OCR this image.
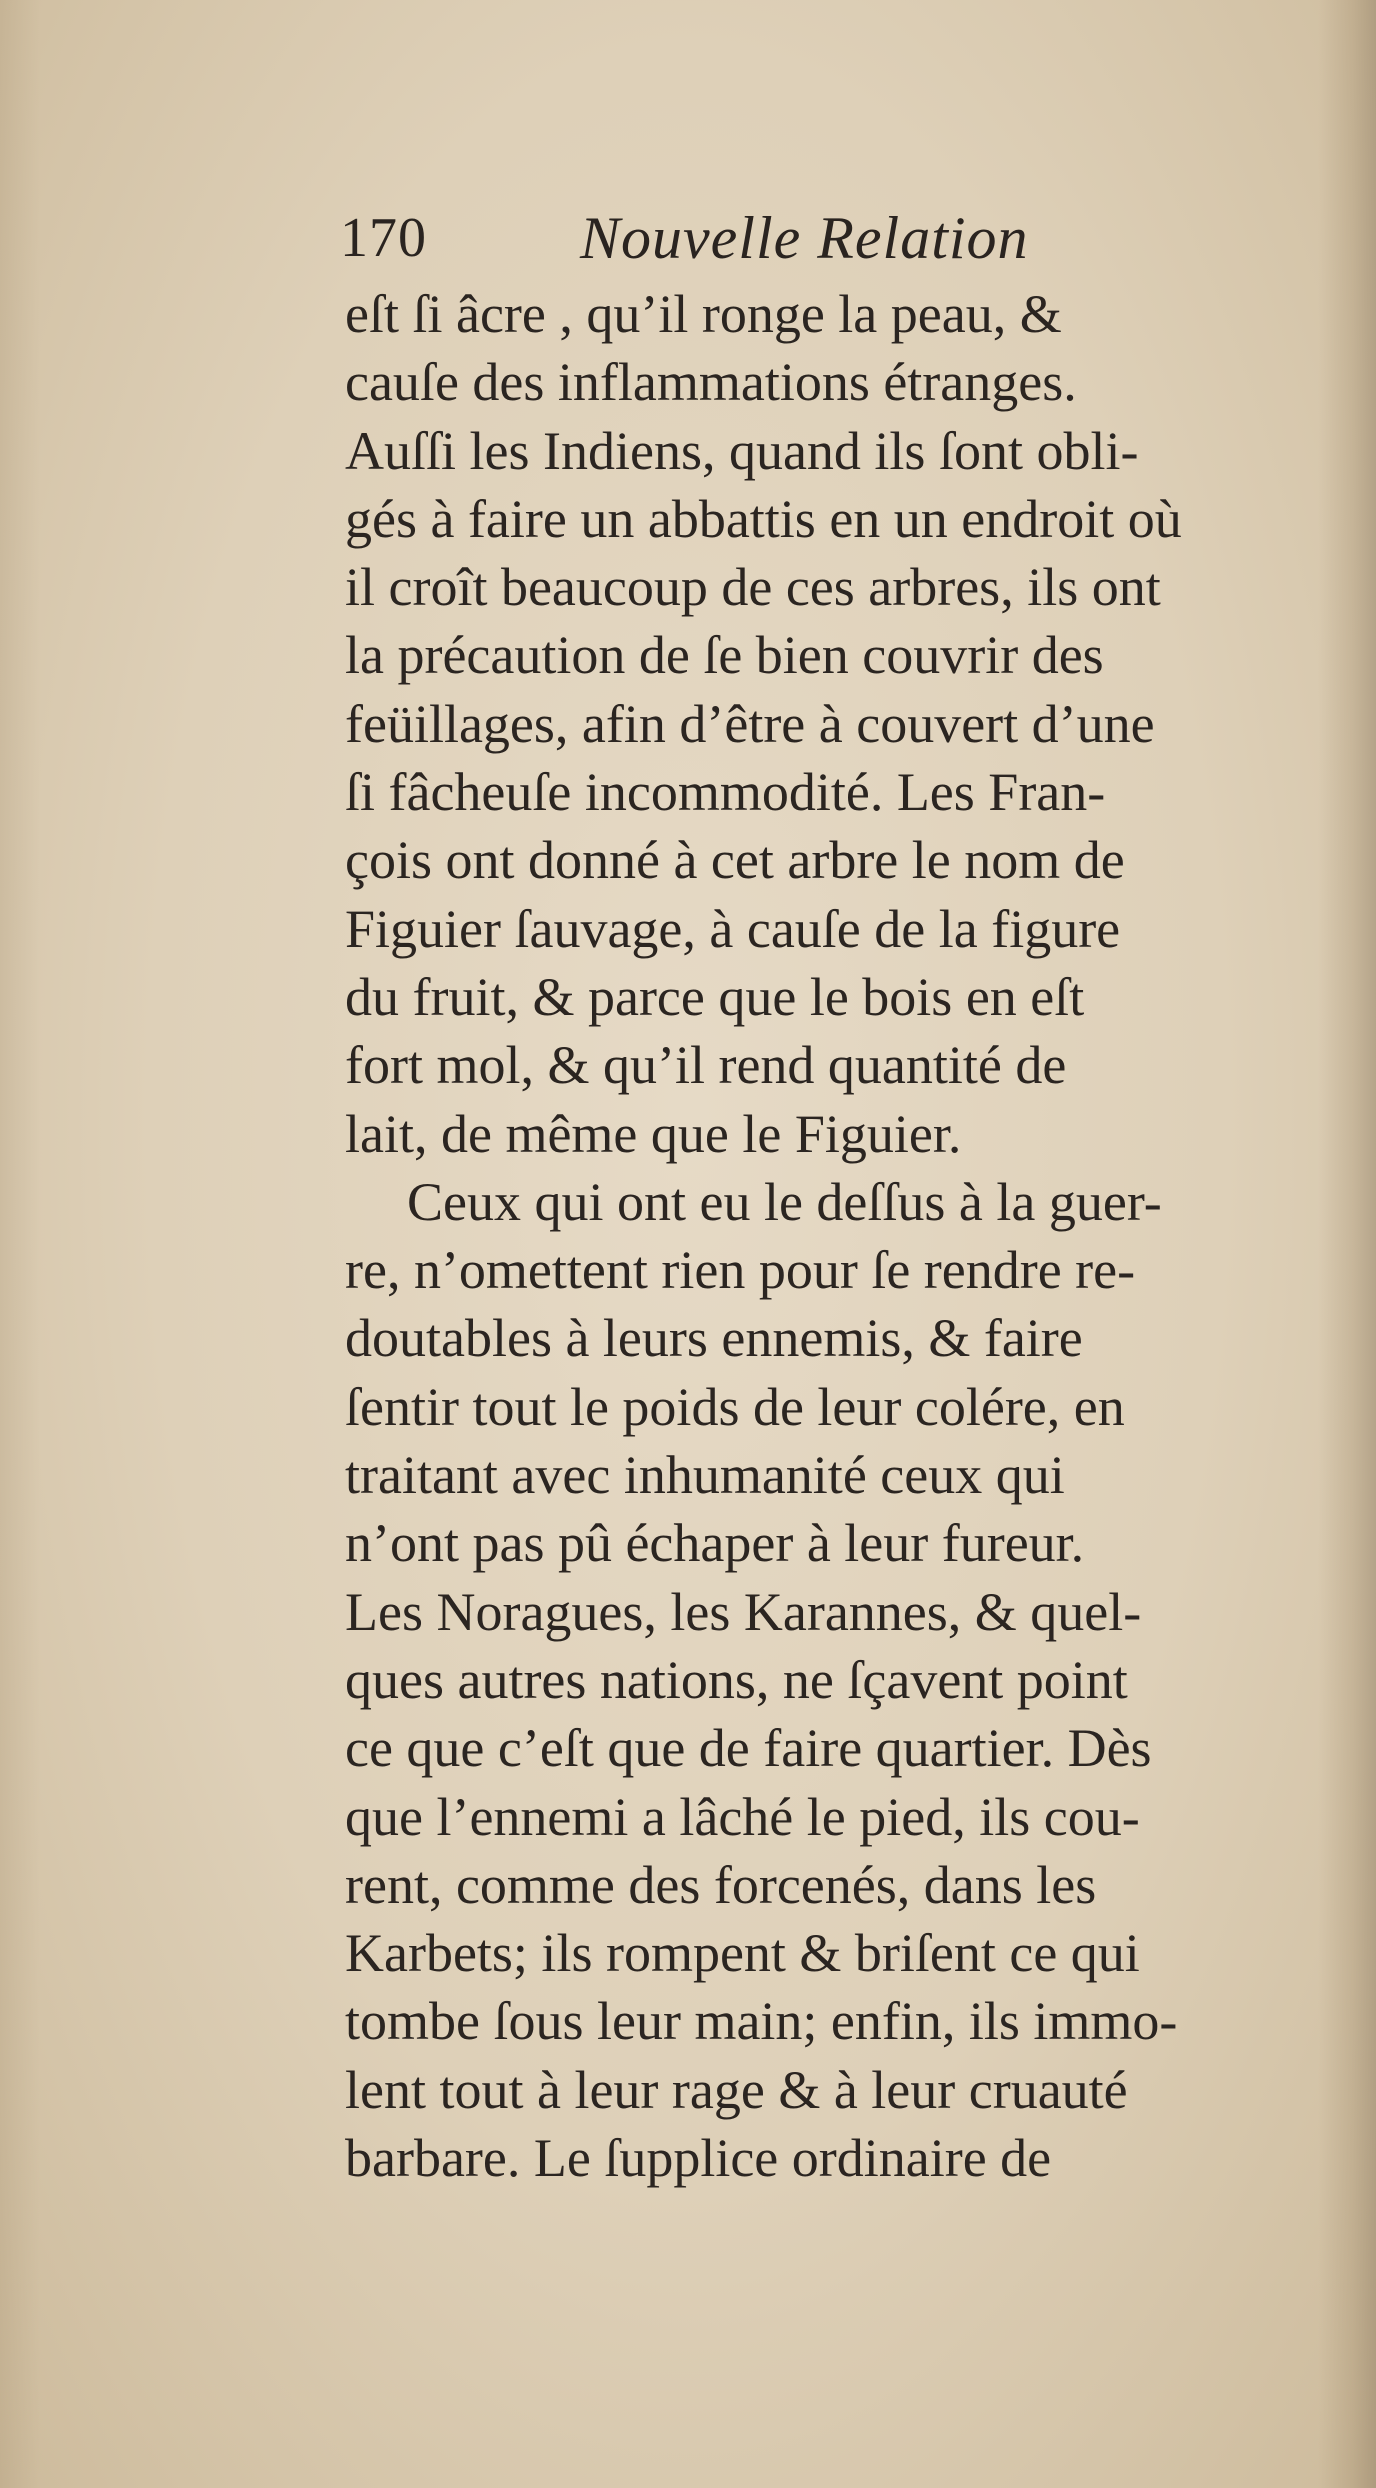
170	Nouvelle Relation
eſt ſi âcre , qu’il ronge la peau, &
cauſe des inflammations étranges.
Auſſi les Indiens, quand ils ſont obli-
gés à faire un abbattis en un endroit où
il croît beaucoup de ces arbres, ils ont
la précaution de ſe bien couvrir des
feüillages, afin d’être à couvert d’une
ſi fâcheuſe incommodité. Les Fran-
çois ont donné à cet arbre le nom de
Figuier ſauvage, à cauſe de la figure
du fruit, & parce que le bois en eſt
fort mol, & qu’il rend quantité de
lait, de même que le Figuier.
Ceux qui ont eu le deſſus à la guer-
re, n’omettent rien pour ſe rendre re-
doutables à leurs ennemis, & faire
ſentir tout le poids de leur colére, en
traitant avec inhumanité ceux qui
n’ont pas pû échaper à leur fureur.
Les Noragues, les Karannes, & quel-
ques autres nations, ne ſçavent point
ce que c’eſt que de faire quartier. Dès
que l’ennemi a lâché le pied, ils cou-
rent, comme des forcenés, dans les
Karbets; ils rompent & briſent ce qui
tombe ſous leur main; enfin, ils immo-
lent tout à leur rage & à leur cruauté
barbare. Le ſupplice ordinaire de
